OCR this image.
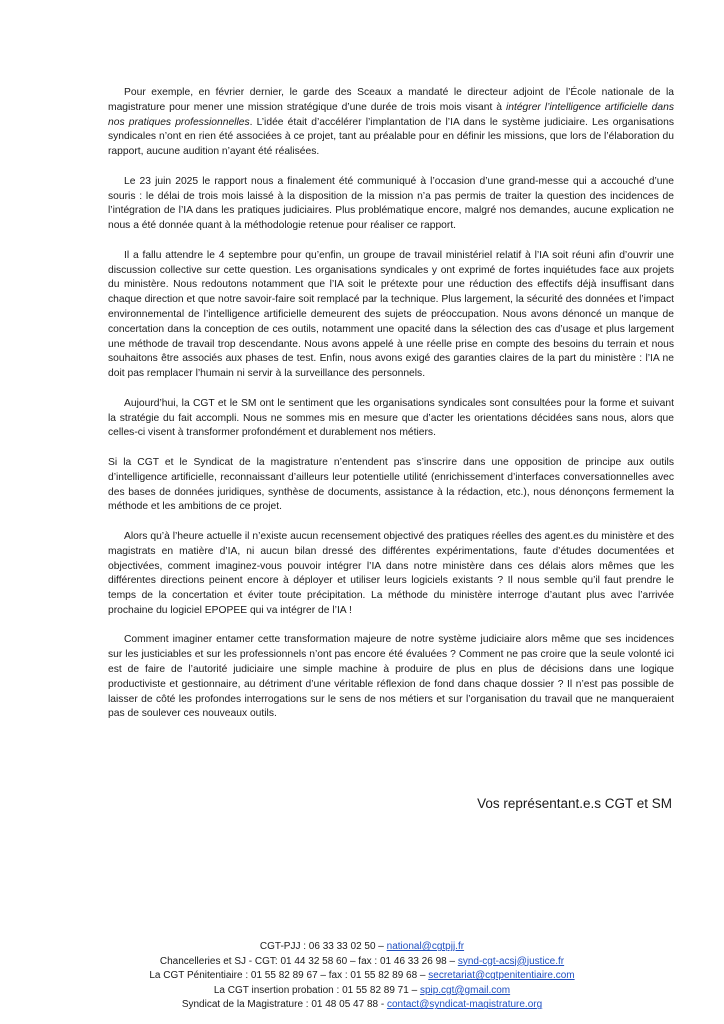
Pour exemple, en février dernier, le garde des Sceaux a mandaté le directeur adjoint de l’École nationale de la magistrature pour mener une mission stratégique d’une durée de trois mois visant à intégrer l’intelligence artificielle dans nos pratiques professionnelles. L’idée était d’accélérer l’implantation de l’IA dans le système judiciaire. Les organisations syndicales n’ont en rien été associées à ce projet, tant au préalable pour en définir les missions, que lors de l’élaboration du rapport, aucune audition n’ayant été réalisées.

Le 23 juin 2025 le rapport nous a finalement été communiqué à l’occasion d’une grand-messe qui a accouché d’une souris : le délai de trois mois laissé à la disposition de la mission n’a pas permis de traiter la question des incidences de l’intégration de l’IA dans les pratiques judiciaires. Plus problématique encore, malgré nos demandes, aucune explication ne nous a été donnée quant à la méthodologie retenue pour réaliser ce rapport.

Il a fallu attendre le 4 septembre pour qu’enfin, un groupe de travail ministériel relatif à l’IA soit réuni afin d’ouvrir une discussion collective sur cette question. Les organisations syndicales y ont exprimé de fortes inquiétudes face aux projets du ministère. Nous redoutons notamment que l’IA soit le prétexte pour une réduction des effectifs déjà insuffisant dans chaque direction et que notre savoir-faire soit remplacé par la technique. Plus largement, la sécurité des données et l’impact environnemental de l’intelligence artificielle demeurent des sujets de préoccupation. Nous avons dénoncé un manque de concertation dans la conception de ces outils, notamment une opacité dans la sélection des cas d’usage et plus largement une méthode de travail trop descendante. Nous avons appelé à une réelle prise en compte des besoins du terrain et nous souhaitons être associés aux phases de test. Enfin, nous avons exigé des garanties claires de la part du ministère : l’IA ne doit pas remplacer l’humain ni servir à la surveillance des personnels.

Aujourd’hui, la CGT et le SM ont le sentiment que les organisations syndicales sont consultées pour la forme et suivant la stratégie du fait accompli. Nous ne sommes mis en mesure que d’acter les orientations décidées sans nous, alors que celles-ci visent à transformer profondément et durablement nos métiers.

Si la CGT et le Syndicat de la magistrature n’entendent pas s’inscrire dans une opposition de principe aux outils d’intelligence artificielle, reconnaissant d’ailleurs leur potentielle utilité (enrichissement d’interfaces conversationnelles avec des bases de données juridiques, synthèse de documents, assistance à la rédaction, etc.), nous dénonçons fermement la méthode et les ambitions de ce projet.

Alors qu’à l’heure actuelle il n’existe aucun recensement objectivé des pratiques réelles des agent.es du ministère et des magistrats en matière d’IA, ni aucun bilan dressé des différentes expérimentations, faute d’études documentées et objectivées, comment imaginez-vous pouvoir intégrer l’IA dans notre ministère dans ces délais alors mêmes que les différentes directions peinent encore à déployer et utiliser leurs logiciels existants ? Il nous semble qu’il faut prendre le temps de la concertation et éviter toute précipitation. La méthode du ministère interroge d’autant plus avec l’arrivée prochaine du logiciel EPOPEE qui va intégrer de l’IA !

Comment imaginer entamer cette transformation majeure de notre système judiciaire alors même que ses incidences sur les justiciables et sur les professionnels n’ont pas encore été évaluées ? Comment ne pas croire que la seule volonté ici est de faire de l’autorité judiciaire une simple machine à produire de plus en plus de décisions dans une logique productiviste et gestionnaire, au détriment d’une véritable réflexion de fond dans chaque dossier ? Il n’est pas possible de laisser de côté les profondes interrogations sur le sens de nos métiers et sur l’organisation du travail que ne manqueraient pas de soulever ces nouveaux outils.

Vos représentant.e.s CGT et SM
CGT-PJJ : 06 33 33 02 50 – national@cgtpjj.fr
Chancelleries et SJ - CGT: 01 44 32 58 60 – fax : 01 46 33 26 98 – synd-cgt-acsj@justice.fr
La CGT Pénitentiaire : 01 55 82 89 67 – fax : 01 55 82 89 68 – secretariat@cgtpenitentiaire.com
La CGT insertion probation : 01 55 82 89 71 – spip.cgt@gmail.com
Syndicat de la Magistrature : 01 48 05 47 88 - contact@syndicat-magistrature.org
